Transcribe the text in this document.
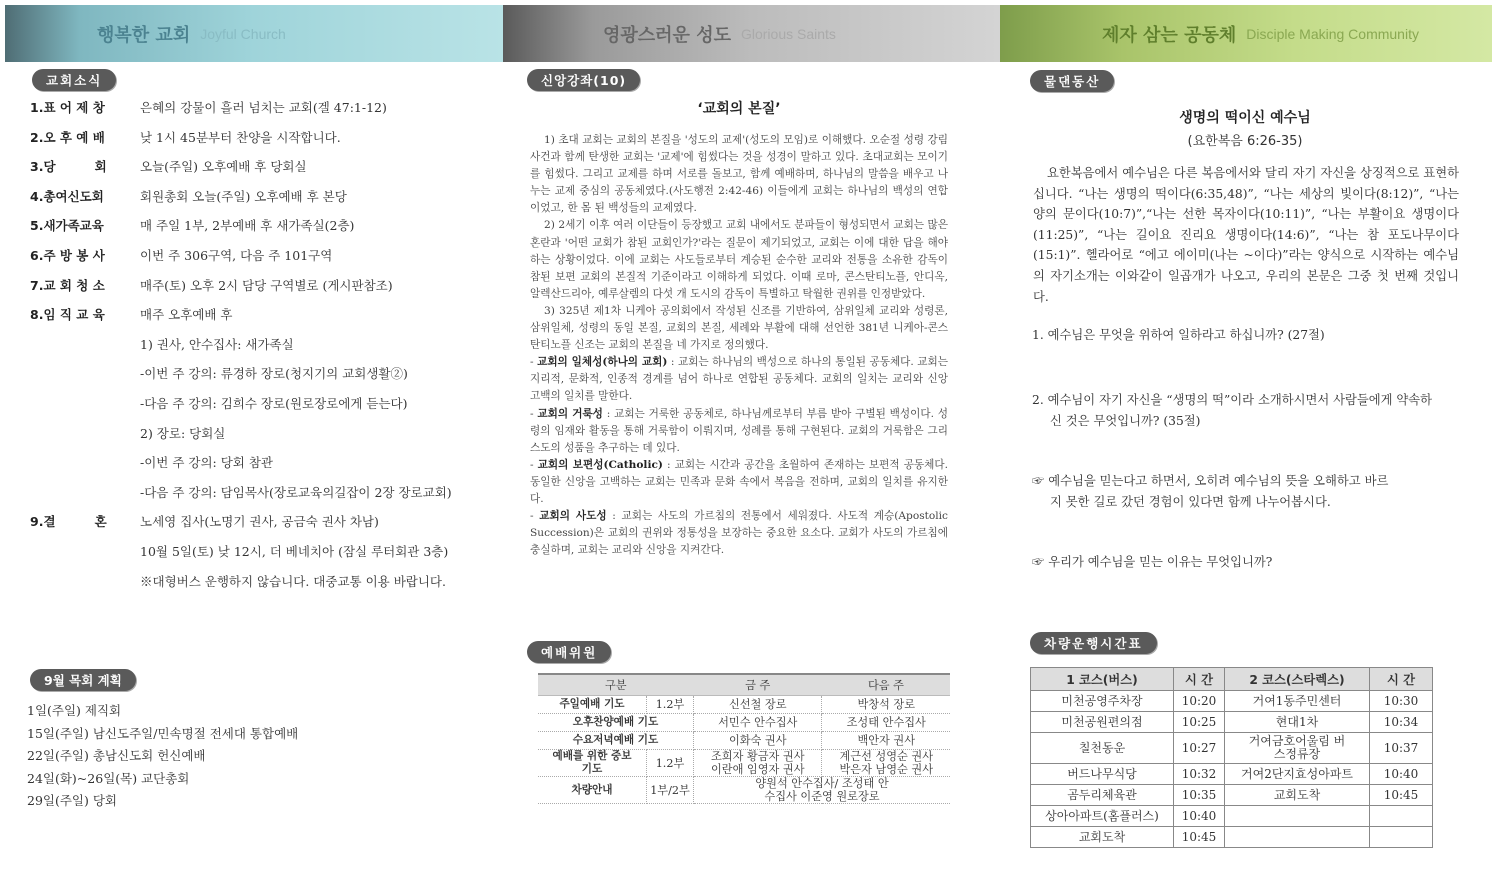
행복한 교회 Joyful Church	영광스러운 성도 Glorious Saints	제자 삼는 공동체 Disciple Making Community
교회소식
1.표 어 제 창	은혜의 강물이 흘러 넘치는 교회(겔 47:1-12)
2.오 후 예 배	낮 1시 45분부터 찬양을 시작합니다.
3.당         회	오늘(주일) 오후예배 후 당회실
4.총여신도회	회원총회 오늘(주일) 오후예배 후 본당
5.새가족교육	매 주일 1부, 2부예배 후 새가족실(2층)
6.주 방 봉 사	이번 주 306구역, 다음 주 101구역
7.교 회 청 소	매주(토) 오후 2시 담당 구역별로 (게시판참조)
8.임 직 교 육	매주 오후예배 후
1) 권사, 안수집사: 새가족실
-이번 주 강의: 류경하 장로(청지기의 교회생활②)
-다음 주 강의: 김희수 장로(원로장로에게 듣는다)
2) 장로: 당회실
-이번 주 강의: 당회 참관
-다음 주 강의: 담임목사(장로교육의길잡이 2장 장로교회)
9.결         혼	노세영 집사(노명기 권사, 공금숙 권사 차남)
10월 5일(토) 낮 12시, 더 베네치아 (잠실 루터회관 3층)
※대형버스 운행하지 않습니다. 대중교통 이용 바랍니다.
9월 목회 계획
1일(주일) 제직회
15일(주일) 남신도주일/민속명절 전세대 통합예배
22일(주일) 총남신도회 헌신예배
24일(화)~26일(목) 교단총회
29일(주일) 당회
신앙강좌(10)
‘교회의 본질’

1) 초대 교회는 교회의 본질을 '성도의 교제'(성도의 모임)로 이해했다. 오순절 성령 강림 사건과 함께 탄생한 교회는 '교제'에 힘썼다는 것을 성경이 말하고 있다. 초대교회는 모이기를 힘썼다. 그리고 교제를 하며 서로를 돌보고, 함께 예배하며, 하나님의 말씀을 배우고 나누는 교제 중심의 공동체였다.(사도행전 2:42-46) 이들에게 교회는 하나님의 백성의 연합이었고, 한 몸 된 백성들의 교제였다.

2) 2세기 이후 여러 이단들이 등장했고 교회 내에서도 분파들이 형성되면서 교회는 많은 혼란과 '어떤 교회가 참된 교회인가?'라는 질문이 제기되었고, 교회는 이에 대한 답을 해야하는 상황이었다. 이에 교회는 사도들로부터 계승된 순수한 교리와 전통을 소유한 감독이 참된 보편 교회의 본질적 기준이라고 이해하게 되었다. 이때 로마, 콘스탄티노플, 안디옥, 알렉산드리아, 예루살렘의 다섯 개 도시의 감독이 특별하고 탁월한 권위를 인정받았다.

3) 325년 제1차 니케아 공의회에서 작성된 신조를 기반하여, 삼위일체 교리와 성령론, 삼위일체, 성령의 동일 본질, 교회의 본질, 세례와 부활에 대해 선언한 381년 니케아-콘스탄티노플 신조는 교회의 본질을 네 가지로 정의했다.

- 교회의 일체성(하나의 교회) : 교회는 하나님의 백성으로 하나의 통일된 공동체다. 교회는 지리적, 문화적, 인종적 경계를 넘어 하나로 연합된 공동체다. 교회의 일치는 교리와 신앙 고백의 일치를 말한다.

- 교회의 거룩성 : 교회는 거룩한 공동체로, 하나님께로부터 부름 받아 구별된 백성이다. 성령의 임재와 활동을 통해 거룩함이 이뤄지며, 성례를 통해 구현된다. 교회의 거룩함은 그리스도의 성품을 추구하는 데 있다.

- 교회의 보편성(Catholic) : 교회는 시간과 공간을 초월하여 존재하는 보편적 공동체다. 동일한 신앙을 고백하는 교회는 민족과 문화 속에서 복음을 전하며, 교회의 일치를 유지한다.

- 교회의 사도성 : 교회는 사도의 가르침의 전통에서 세워졌다. 사도적 계승(Apostolic Succession)은 교회의 권위와 정통성을 보장하는 중요한 요소다. 교회가 사도의 가르침에 충실하며, 교회는 교리와 신앙을 지켜간다.

예배위원
구분		금 주	다음 주
주일예배 기도	1.2부	신선철 장로	박창석 장로
오후찬양예배 기도		서민수 안수집사	조성태 안수집사
수요저녁예배 기도		이화숙 권사	백안자 권사
예배를 위한 중보기도	1.2부	조희자 황금자 권사 이란애 임영자 권사	계근선 성영순 권사 박은자 남영순 권사
차량안내	1부/2부	양원석 안수집사/ 조성태 안수집사 이준영 원로장로	
물댄동산
생명의 떡이신 예수님
(요한복음 6:26-35)
요한복음에서 예수님은 다른 복음에서와 달리 자기 자신을 상징적으로 표현하십니다. “나는 생명의 떡이다(6:35,48)”, “나는 세상의 빛이다(8:12)”, “나는 양의 문이다(10:7)”,“나는 선한 목자이다(10:11)”, “나는 부활이요 생명이다(11:25)”, “나는 길이요 진리요 생명이다(14:6)”, “나는 참 포도나무이다(15:1)”. 헬라어로 “에고 에이미(나는 ~이다)”라는 양식으로 시작하는 예수님의 자기소개는 이와같이 일곱개가 나오고, 우리의 본문은 그중 첫 번째 것입니다.
1. 예수님은 무엇을 위하여 일하라고 하십니까? (27절)
2. 예수님이 자기 자신을 “생명의 떡”이라 소개하시면서 사람들에게 약속하
신 것은 무엇입니까? (35절)
☞ 예수님을 믿는다고 하면서, 오히려 예수님의 뜻을 오해하고 바르
지 못한 길로 갔던 경험이 있다면 함께 나누어봅시다.
☞ 우리가 예수님을 믿는 이유는 무엇입니까?
차량운행시간표
1 코스(버스)	시 간	2 코스(스타렉스)	시 간
미천공영주차장	10:20	거여1동주민센터	10:30
미천공원편의점	10:25	현대1차	10:34
칠천동운	10:27	거여금호어울림 버스정류장	10:37
버드나무식당	10:32	거여2단지효성아파트	10:40
곰두리체육관	10:35	교회도착	10:45
상아아파트(홈플러스)	10:40		
교회도착	10:45		
